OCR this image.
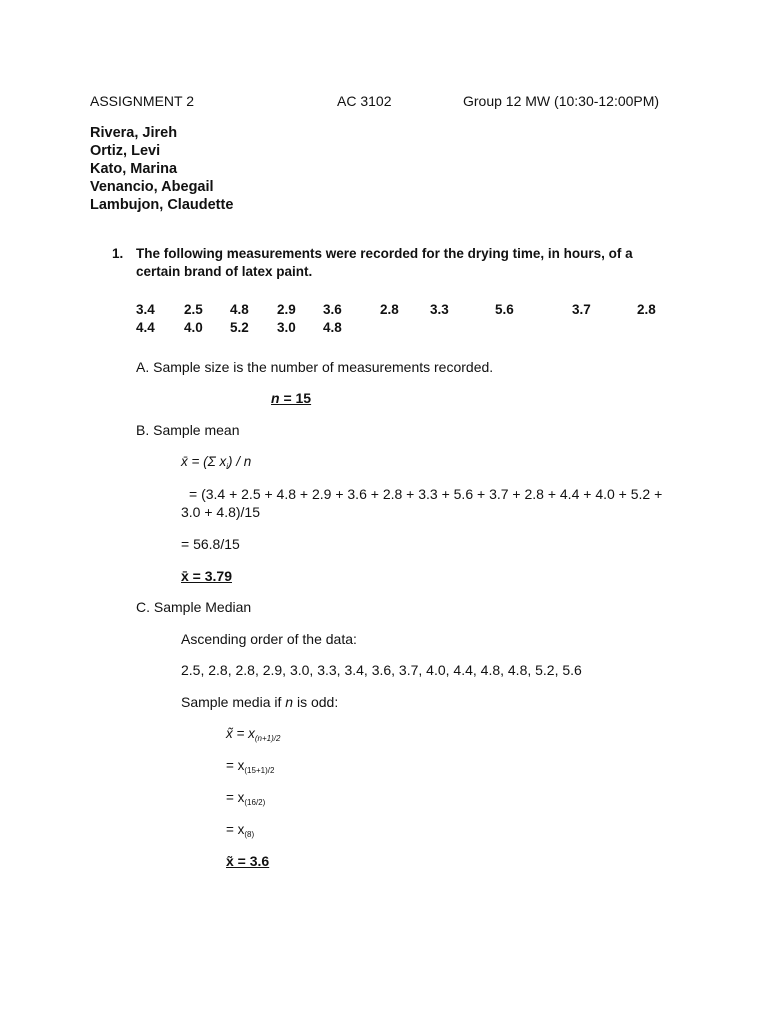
ASSIGNMENT 2	AC 3102	Group 12 MW (10:30-12:00PM)
Rivera, Jireh
Ortiz, Levi
Kato, Marina
Venancio, Abegail
Lambujon, Claudette
1. The following measurements were recorded for the drying time, in hours, of a
certain brand of latex paint.
3.4 2.5 4.8 2.9 3.6	2.8 3.3	5.6	3.7	2.8
4.4 4.0 5.2 3.0 4.8
A. Sample size is the number of measurements recorded.
n = 15
B. Sample mean
x̄ = (Σ $x_i$) / n
= (3.4 + 2.5 + 4.8 + 2.9 + 3.6 + 2.8 + 3.3 + 5.6 + 3.7 + 2.8 + 4.4 + 4.0 + 5.2 +
3.0 + 4.8)/15
= 56.8/15
x̄ = 3.79
C. Sample Median
Ascending order of the data:
2.5, 2.8, 2.8, 2.9, 3.0, 3.3, 3.4, 3.6, 3.7, 4.0, 4.4, 4.8, 4.8, 5.2, 5.6
Sample media if n is odd:
x̃ = $x_{(n+1)/2}$
= $x_{(15+1)/2}$
= $x_{(16/2)}$
= $x_{(8)}$
x̃ = 3.6
